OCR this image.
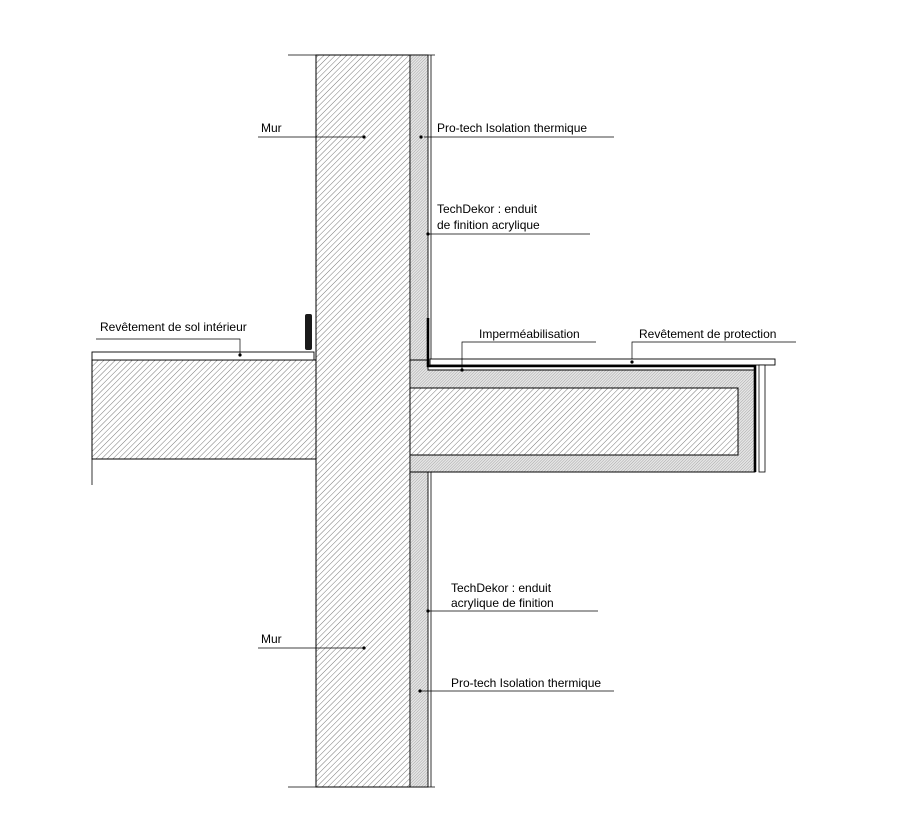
Mur	Pro-tech Isolation thermique
TechDekor : enduit
de finition acrylique
Revêtement de sol intérieur	Imperméabilisation	Revêtement de protection
TechDekor : enduit
acrylique de finition
Mur
Pro-tech Isolation thermique
